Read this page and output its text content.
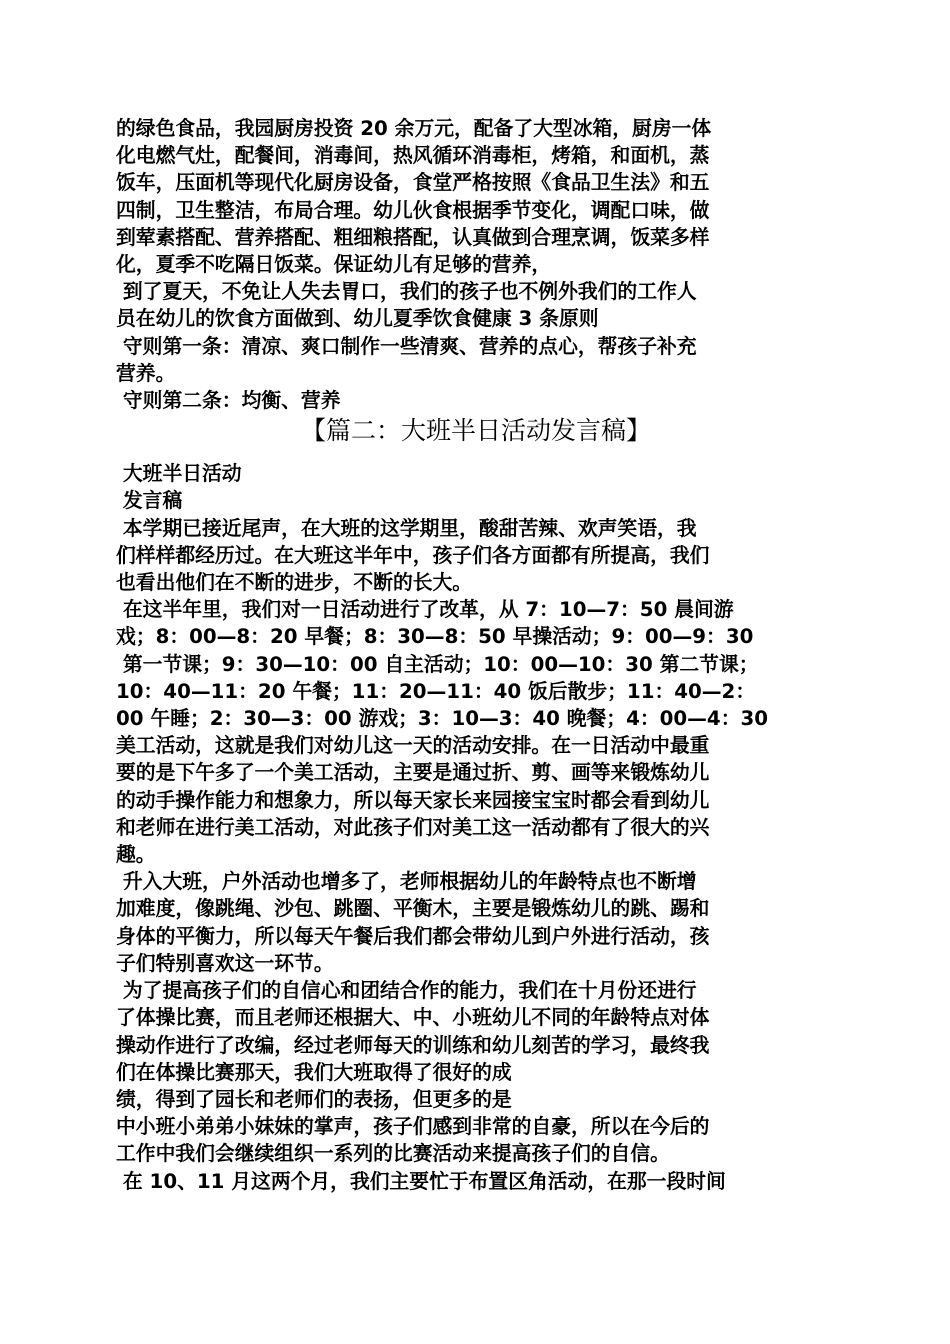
的绿色食品，我园厨房投资 20 余万元，配备了大型冰箱，厨房一体
化电燃气灶，配餐间，消毒间，热风循环消毒柜，烤箱，和面机，蒸
饭车，压面机等现代化厨房设备，食堂严格按照《食品卫生法》和五
四制，卫生整洁，布局合理。幼儿伙食根据季节变化，调配口味，做
到荤素搭配、营养搭配、粗细粮搭配，认真做到合理烹调，饭菜多样
化，夏季不吃隔日饭菜。保证幼儿有足够的营养，
到了夏天，不免让人失去胃口，我们的孩子也不例外我们的工作人
员在幼儿的饮食方面做到、幼儿夏季饮食健康 3 条原则
守则第一条：清凉、爽口制作一些清爽、营养的点心，帮孩子补充
营养。
守则第二条：均衡、营养
【篇二：大班半日活动发言稿】
大班半日活动
发言稿
本学期已接近尾声，在大班的这学期里，酸甜苦辣、欢声笑语，我
们样样都经历过。在大班这半年中，孩子们各方面都有所提高，我们
也看出他们在不断的进步，不断的长大。
在这半年里，我们对一日活动进行了改革，从 7：10—7：50 晨间游
戏；8：00—8：20 早餐；8：30—8：50 早操活动；9：00—9：30
第一节课；9：30—10：00 自主活动；10：00—10：30 第二节课；
10：40—11：20 午餐；11：20—11：40 饭后散步；11：40—2：
00 午睡；2：30—3：00 游戏；3：10—3：40 晚餐；4：00—4：30
美工活动，这就是我们对幼儿这一天的活动安排。在一日活动中最重
要的是下午多了一个美工活动，主要是通过折、剪、画等来锻炼幼儿
的动手操作能力和想象力，所以每天家长来园接宝宝时都会看到幼儿
和老师在进行美工活动，对此孩子们对美工这一活动都有了很大的兴
趣。
升入大班，户外活动也增多了，老师根据幼儿的年龄特点也不断增
加难度，像跳绳、沙包、跳圈、平衡木，主要是锻炼幼儿的跳、踢和
身体的平衡力，所以每天午餐后我们都会带幼儿到户外进行活动，孩
子们特别喜欢这一环节。
为了提高孩子们的自信心和团结合作的能力，我们在十月份还进行
了体操比赛，而且老师还根据大、中、小班幼儿不同的年龄特点对体
操动作进行了改编，经过老师每天的训练和幼儿刻苦的学习，最终我
们在体操比赛那天，我们大班取得了很好的成
绩，得到了园长和老师们的表扬，但更多的是
中小班小弟弟小妹妹的掌声，孩子们感到非常的自豪，所以在今后的
工作中我们会继续组织一系列的比赛活动来提高孩子们的自信。
在 10、11 月这两个月，我们主要忙于布置区角活动，在那一段时间
